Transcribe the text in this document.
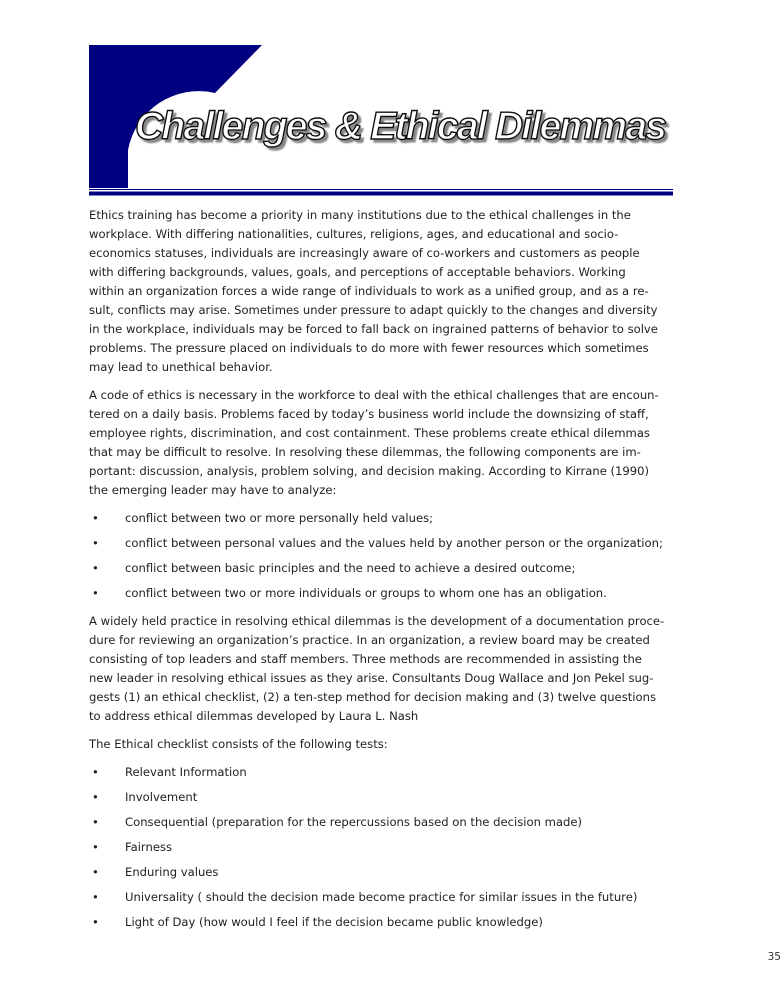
Challenges & Ethical Dilemmas
Ethics training has become a priority in many institutions due to the ethical challenges in the
workplace. With differing nationalities, cultures, religions, ages, and educational and socio-
economics statuses, individuals are increasingly aware of co-workers and customers as people
with differing backgrounds, values, goals, and perceptions of acceptable behaviors. Working
within an organization forces a wide range of individuals to work as a unified group, and as a re-
sult, conflicts may arise. Sometimes under pressure to adapt quickly to the changes and diversity
in the workplace, individuals may be forced to fall back on ingrained patterns of behavior to solve
problems. The pressure placed on individuals to do more with fewer resources which sometimes
may lead to unethical behavior.
A code of ethics is necessary in the workforce to deal with the ethical challenges that are encoun-
tered on a daily basis. Problems faced by today’s business world include the downsizing of staff,
employee rights, discrimination, and cost containment. These problems create ethical dilemmas
that may be difficult to resolve. In resolving these dilemmas, the following components are im-
portant: discussion, analysis, problem solving, and decision making. According to Kirrane (1990)
the emerging leader may have to analyze:
•	conflict between two or more personally held values;
•	conflict between personal values and the values held by another person or the organization;
•	conflict between basic principles and the need to achieve a desired outcome;
•	conflict between two or more individuals or groups to whom one has an obligation.
A widely held practice in resolving ethical dilemmas is the development of a documentation proce-
dure for reviewing an organization’s practice. In an organization, a review board may be created
consisting of top leaders and staff members. Three methods are recommended in assisting the
new leader in resolving ethical issues as they arise. Consultants Doug Wallace and Jon Pekel sug-
gests (1) an ethical checklist, (2) a ten-step method for decision making and (3) twelve questions
to address ethical dilemmas developed by Laura L. Nash
The Ethical checklist consists of the following tests:
•	Relevant Information
•	Involvement
•	Consequential (preparation for the repercussions based on the decision made)
•	Fairness
•	Enduring values
•	Universality ( should the decision made become practice for similar issues in the future)
•	Light of Day (how would I feel if the decision became public knowledge)
35
